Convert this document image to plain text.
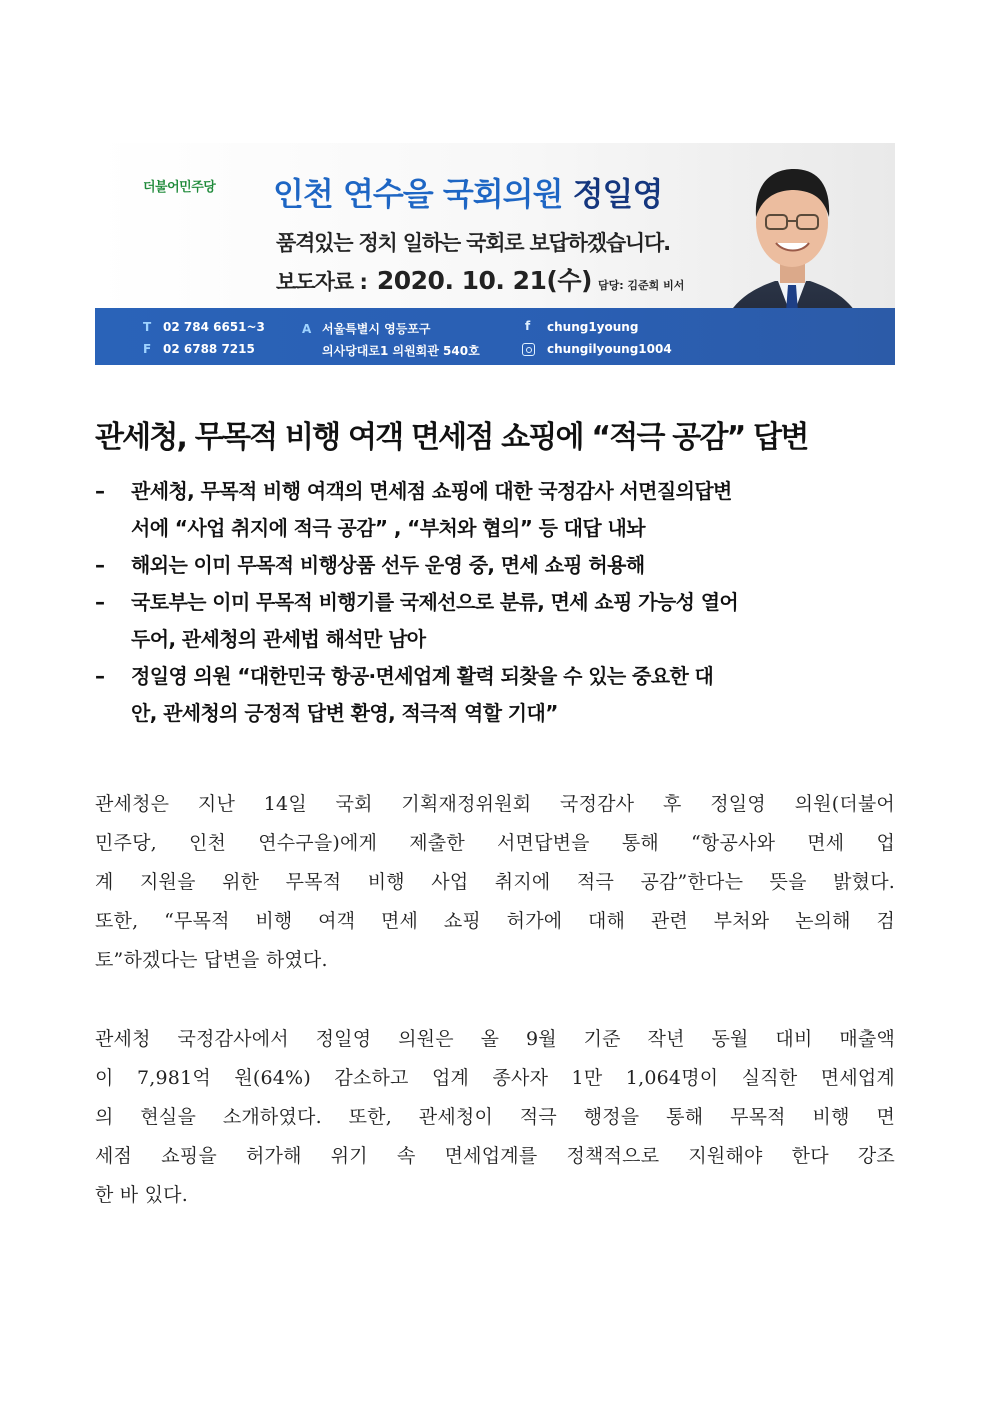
더불어민주당 인천 연수을 국회의원 정일영
품격있는 정치 일하는 국회로 보답하겠습니다.
보도자료 : 2020. 10. 21(수) 담당: 김준희 비서
T 02 784 6651~3
F 02 6788 7215
A 서울특별시 영등포구
의사당대로1 의원회관 540호
f chung1young
chungilyoung1004
관세청, 무목적 비행 여객 면세점 쇼핑에 “적극 공감” 답변
– 관세청, 무목적 비행 여객의 면세점 쇼핑에 대한 국정감사 서면질의답변
서에 “사업 취지에 적극 공감” , “부처와 협의” 등 대답 내놔
– 해외는 이미 무목적 비행상품 선두 운영 중, 면세 쇼핑 허용해
– 국토부는 이미 무목적 비행기를 국제선으로 분류, 면세 쇼핑 가능성 열어
두어, 관세청의 관세법 해석만 남아
– 정일영 의원 “대한민국 항공·면세업계 활력 되찾을 수 있는 중요한 대
안, 관세청의 긍정적 답변 환영, 적극적 역할 기대”
관세청은 지난 14일 국회 기획재정위원회 국정감사 후 정일영 의원(더불어
민주당, 인천 연수구을)에게 제출한 서면답변을 통해 “항공사와 면세 업
계 지원을 위한 무목적 비행 사업 취지에 적극 공감”한다는 뜻을 밝혔다.
또한, “무목적 비행 여객 면세 쇼핑 허가에 대해 관련 부처와 논의해 검
토”하겠다는 답변을 하였다.
관세청 국정감사에서 정일영 의원은 올 9월 기준 작년 동월 대비 매출액
이 7,981억 원(64%) 감소하고 업계 종사자 1만 1,064명이 실직한 면세업계
의 현실을 소개하였다. 또한, 관세청이 적극 행정을 통해 무목적 비행 면
세점 쇼핑을 허가해 위기 속 면세업계를 정책적으로 지원해야 한다 강조
한 바 있다.
